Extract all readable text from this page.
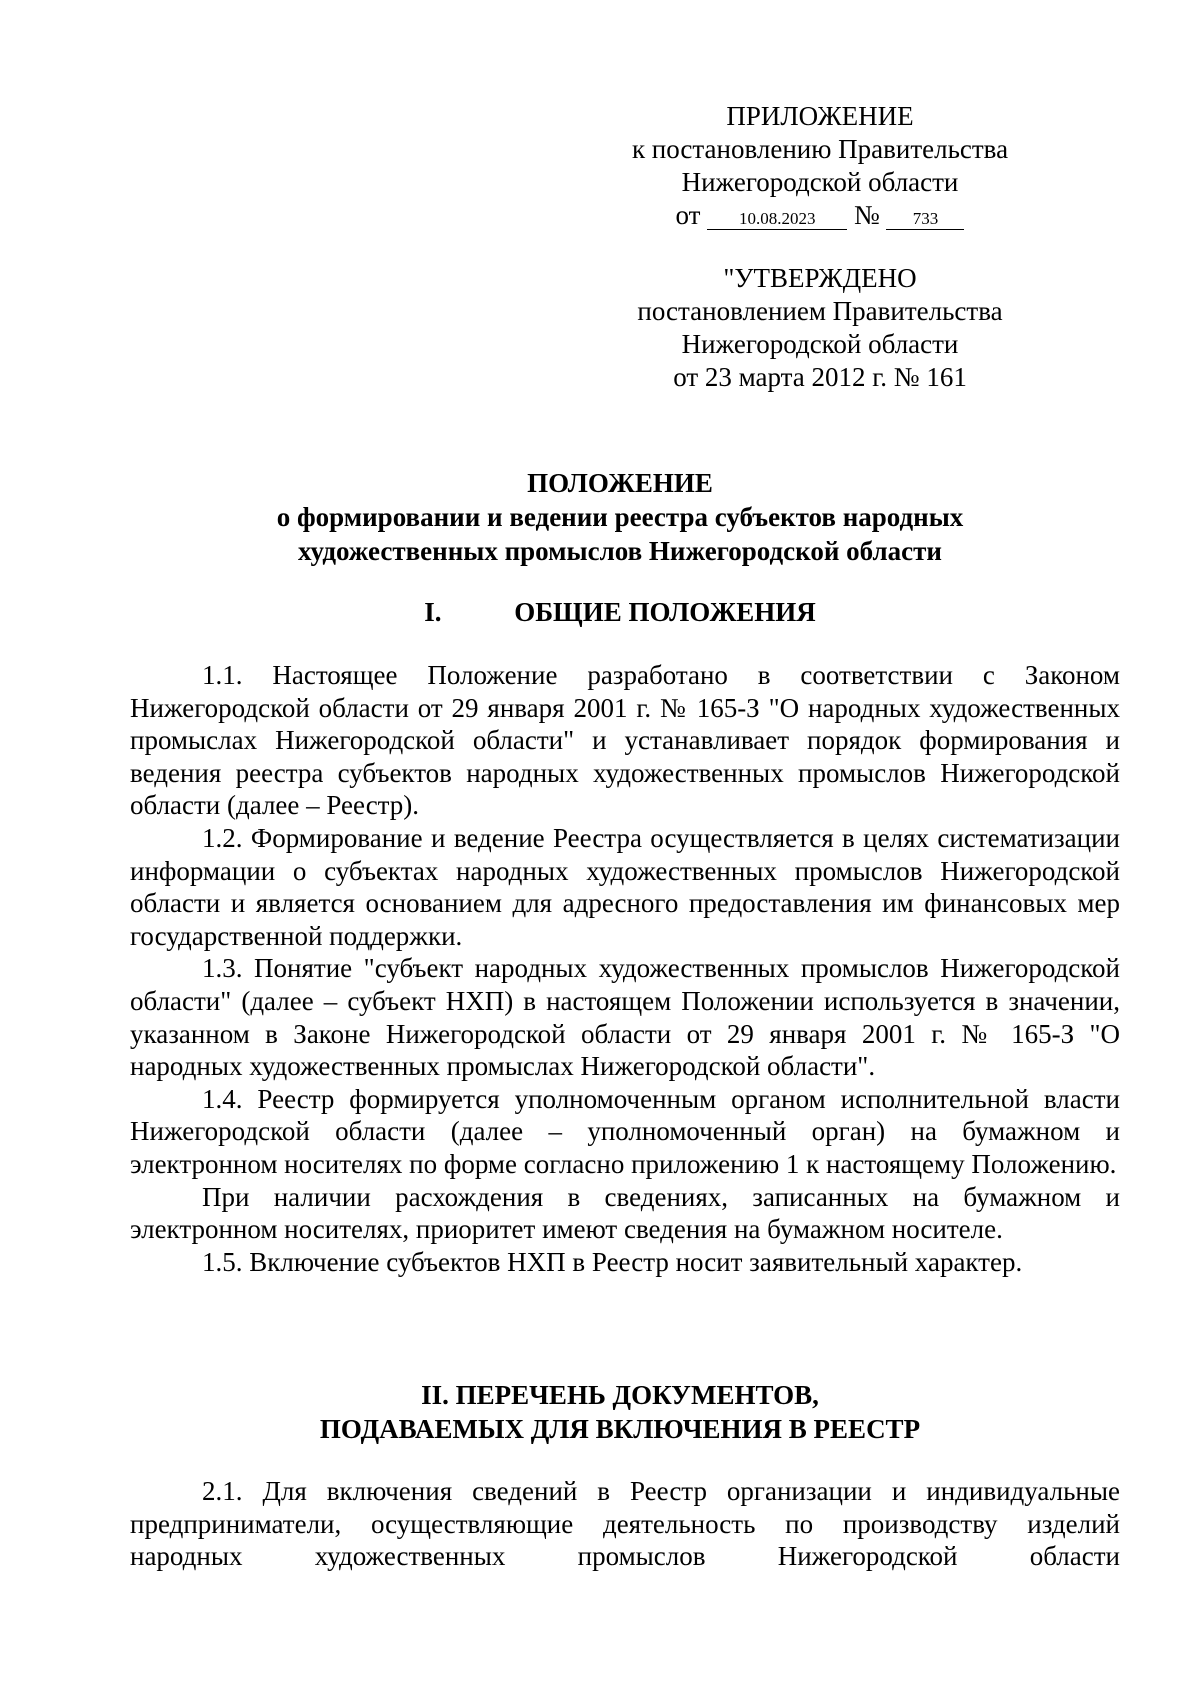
ПРИЛОЖЕНИЕ
к постановлению Правительства
Нижегородской области
от 10.08.2023 № 733
"УТВЕРЖДЕНО
постановлением Правительства
Нижегородской области
от 23 марта 2012 г. № 161
ПОЛОЖЕНИЕ
о формировании и ведении реестра субъектов народных
художественных промыслов Нижегородской области
I.	ОБЩИЕ ПОЛОЖЕНИЯ

1.1. Настоящее Положение разработано в соответствии с Законом Нижегородской области от 29 января 2001 г. № 165-З "О народных художественных промыслах Нижегородской области" и устанавливает порядок формирования и ведения реестра субъектов народных художественных промыслов Нижегородской области (далее – Реестр).

1.2. Формирование и ведение Реестра осуществляется в целях систематизации информации о субъектах народных художественных промыслов Нижегородской области и является основанием для адресного предоставления им финансовых мер государственной поддержки.

1.3. Понятие "субъект народных художественных промыслов Нижегородской области" (далее – субъект НХП) в настоящем Положении используется в значении, указанном в Законе Нижегородской области от 29 января 2001 г. № 165-З "О народных художественных промыслах Нижегородской области".

1.4. Реестр формируется уполномоченным органом исполнительной власти Нижегородской области (далее – уполномоченный орган) на бумажном и электронном носителях по форме согласно приложению 1 к настоящему Положению.

При наличии расхождения в сведениях, записанных на бумажном и электронном носителях, приоритет имеют сведения на бумажном носителе.

1.5. Включение субъектов НХП в Реестр носит заявительный характер.

II. ПЕРЕЧЕНЬ ДОКУМЕНТОВ,
ПОДАВАЕМЫХ ДЛЯ ВКЛЮЧЕНИЯ В РЕЕСТР

2.1. Для включения сведений в Реестр организации и индивидуальные предприниматели, осуществляющие деятельность по производству изделий народных художественных промыслов Нижегородской области
